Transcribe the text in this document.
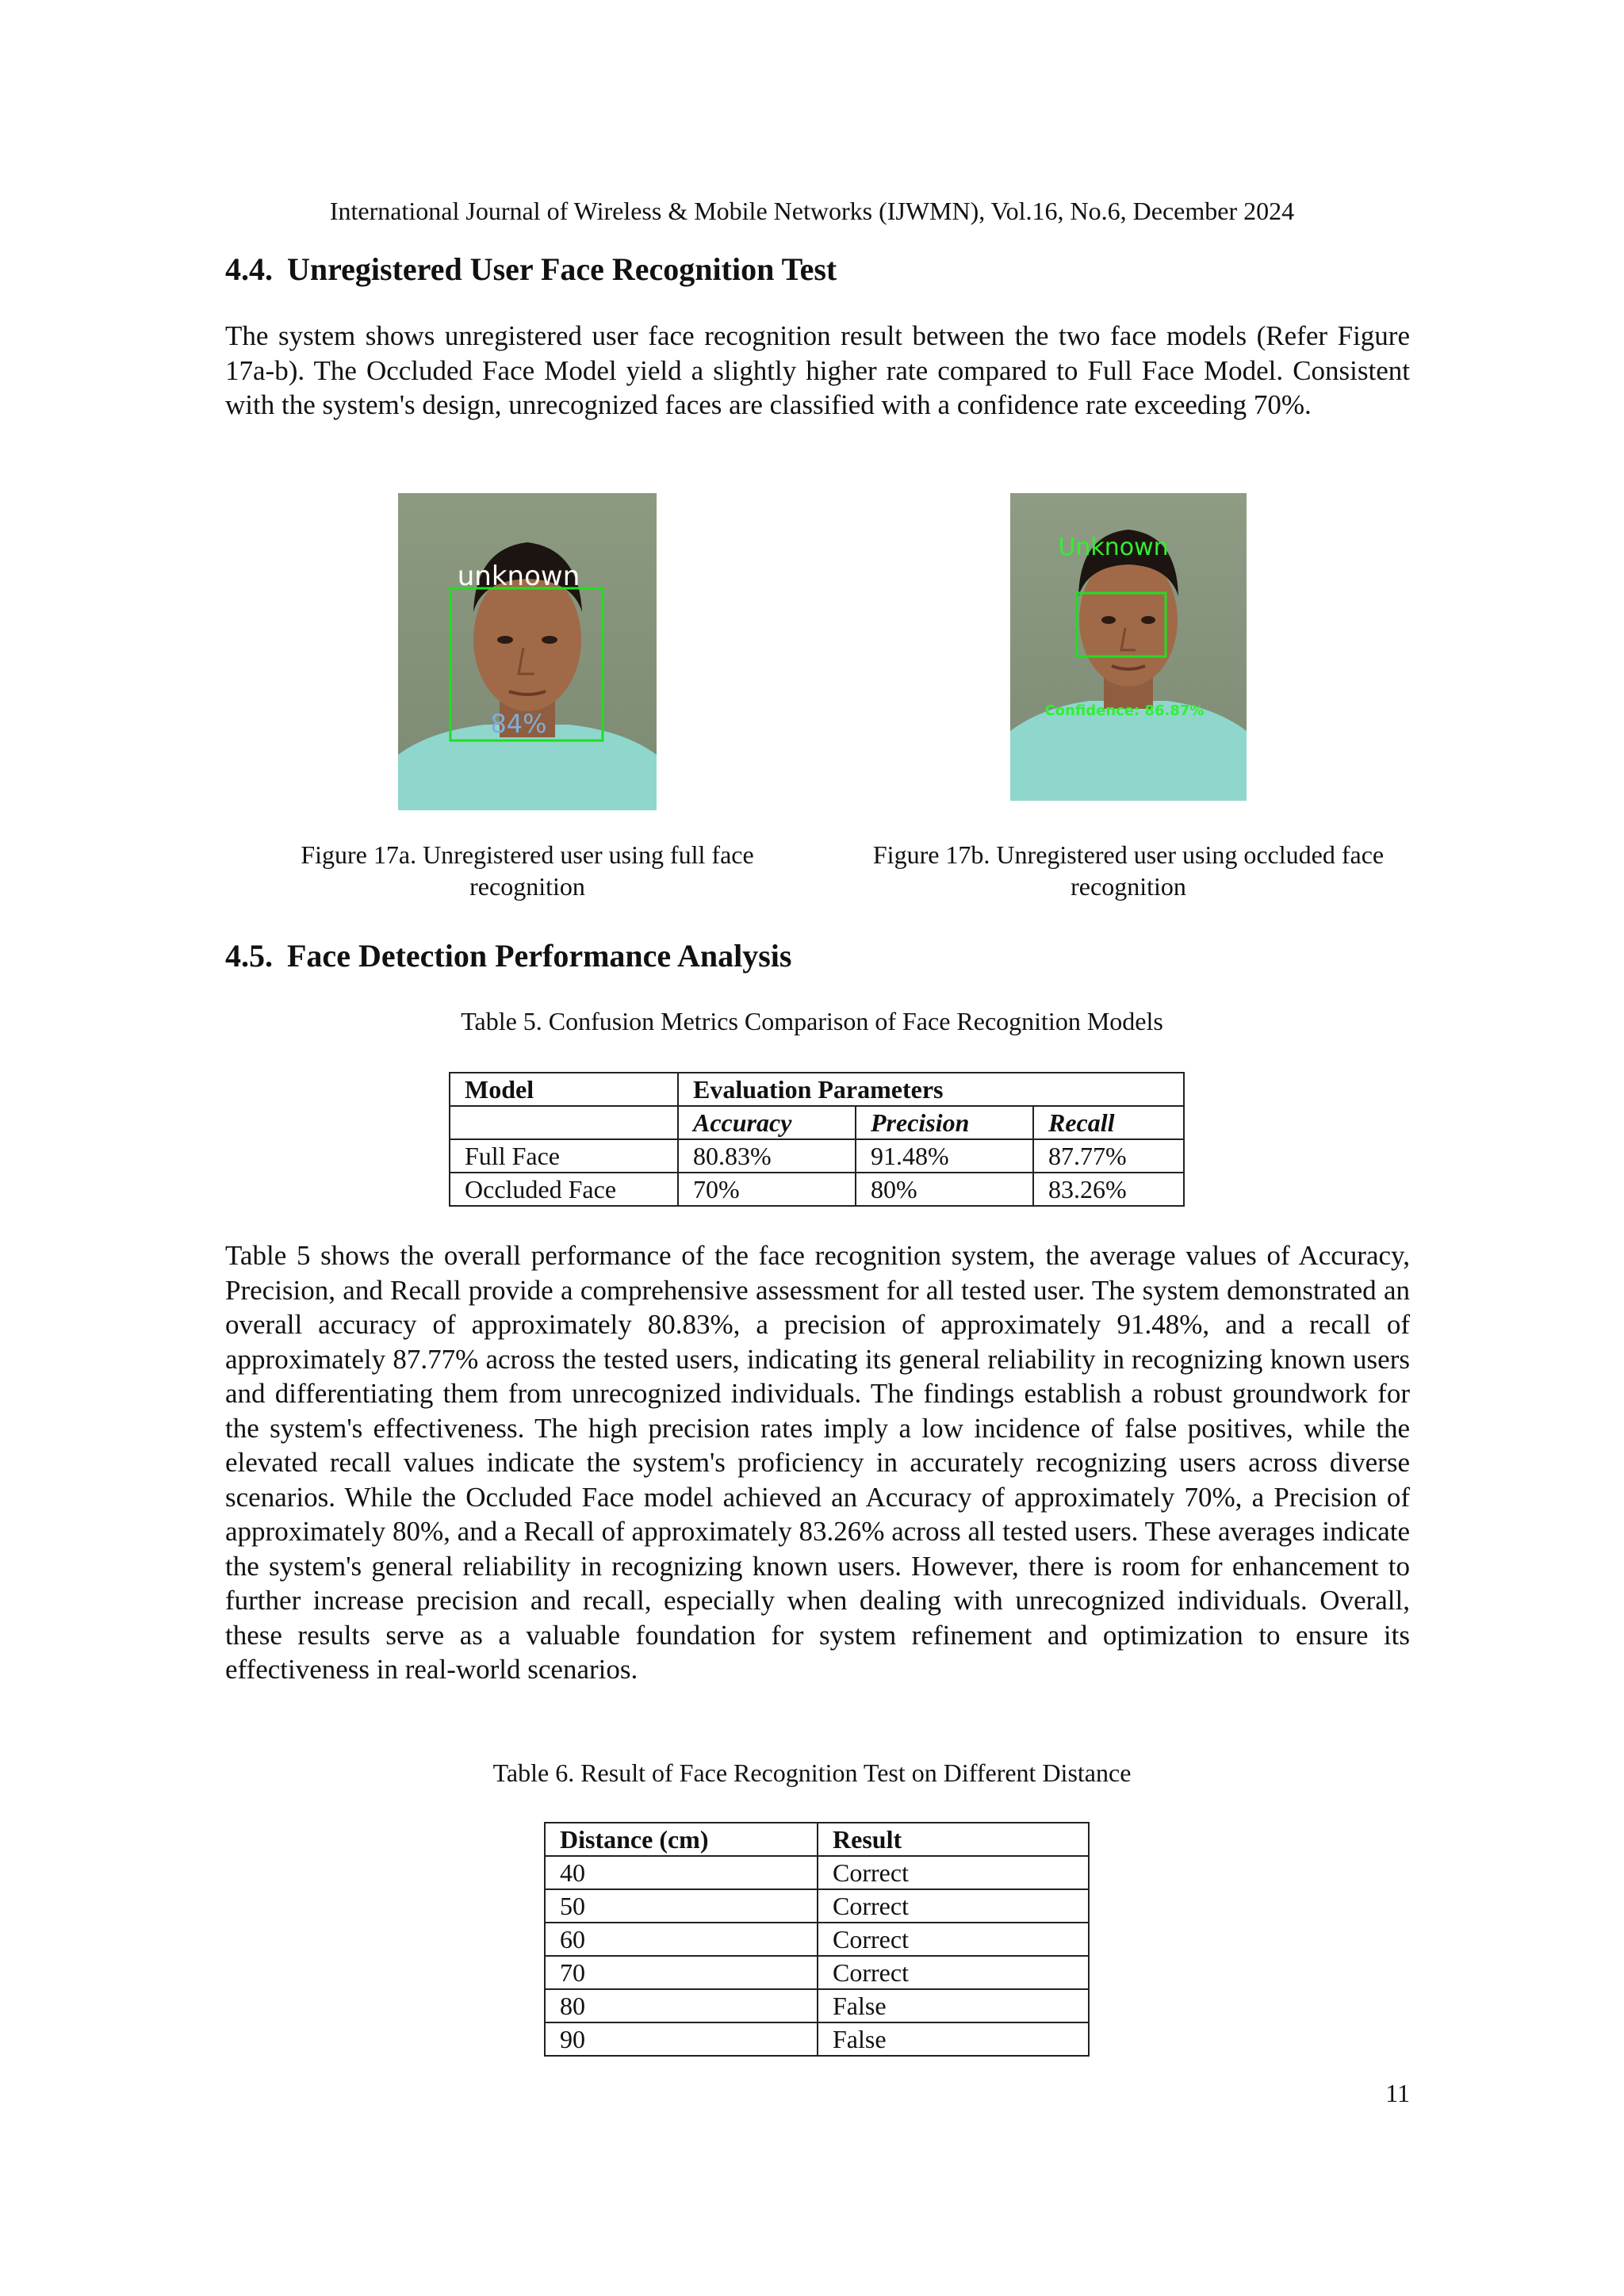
International Journal of Wireless & Mobile Networks (IJWMN), Vol.16, No.6, December 2024
4.4. Unregistered User Face Recognition Test
The system shows unregistered user face recognition result between the two face models (Refer Figure 17a-b). The Occluded Face Model yield a slightly higher rate compared to Full Face Model. Consistent with the system's design, unrecognized faces are classified with a confidence rate exceeding 70%.
unknown
84%
Figure 17a. Unregistered user using full face recognition
Unknown
Confidence: 86.87%
Figure 17b. Unregistered user using occluded face recognition
4.5. Face Detection Performance Analysis
Table 5. Confusion Metrics Comparison of Face Recognition Models
Model	Evaluation Parameters		
	Accuracy	Precision	Recall
Full Face	80.83%	91.48%	87.77%
Occluded Face	70%	80%	83.26%
Table 5 shows the overall performance of the face recognition system, the average values of Accuracy, Precision, and Recall provide a comprehensive assessment for all tested user. The system demonstrated an overall accuracy of approximately 80.83%, a precision of approximately 91.48%, and a recall of approximately 87.77% across the tested users, indicating its general reliability in recognizing known users and differentiating them from unrecognized individuals. The findings establish a robust groundwork for the system's effectiveness. The high precision rates imply a low incidence of false positives, while the elevated recall values indicate the system's proficiency in accurately recognizing users across diverse scenarios. While the Occluded Face model achieved an Accuracy of approximately 70%, a Precision of approximately 80%, and a Recall of approximately 83.26% across all tested users. These averages indicate the system's general reliability in recognizing known users. However, there is room for enhancement to further increase precision and recall, especially when dealing with unrecognized individuals. Overall, these results serve as a valuable foundation for system refinement and optimization to ensure its effectiveness in real-world scenarios.
Table 6. Result of Face Recognition Test on Different Distance
Distance (cm)	Result
40	Correct
50	Correct
60	Correct
70	Correct
80	False
90	False
11
